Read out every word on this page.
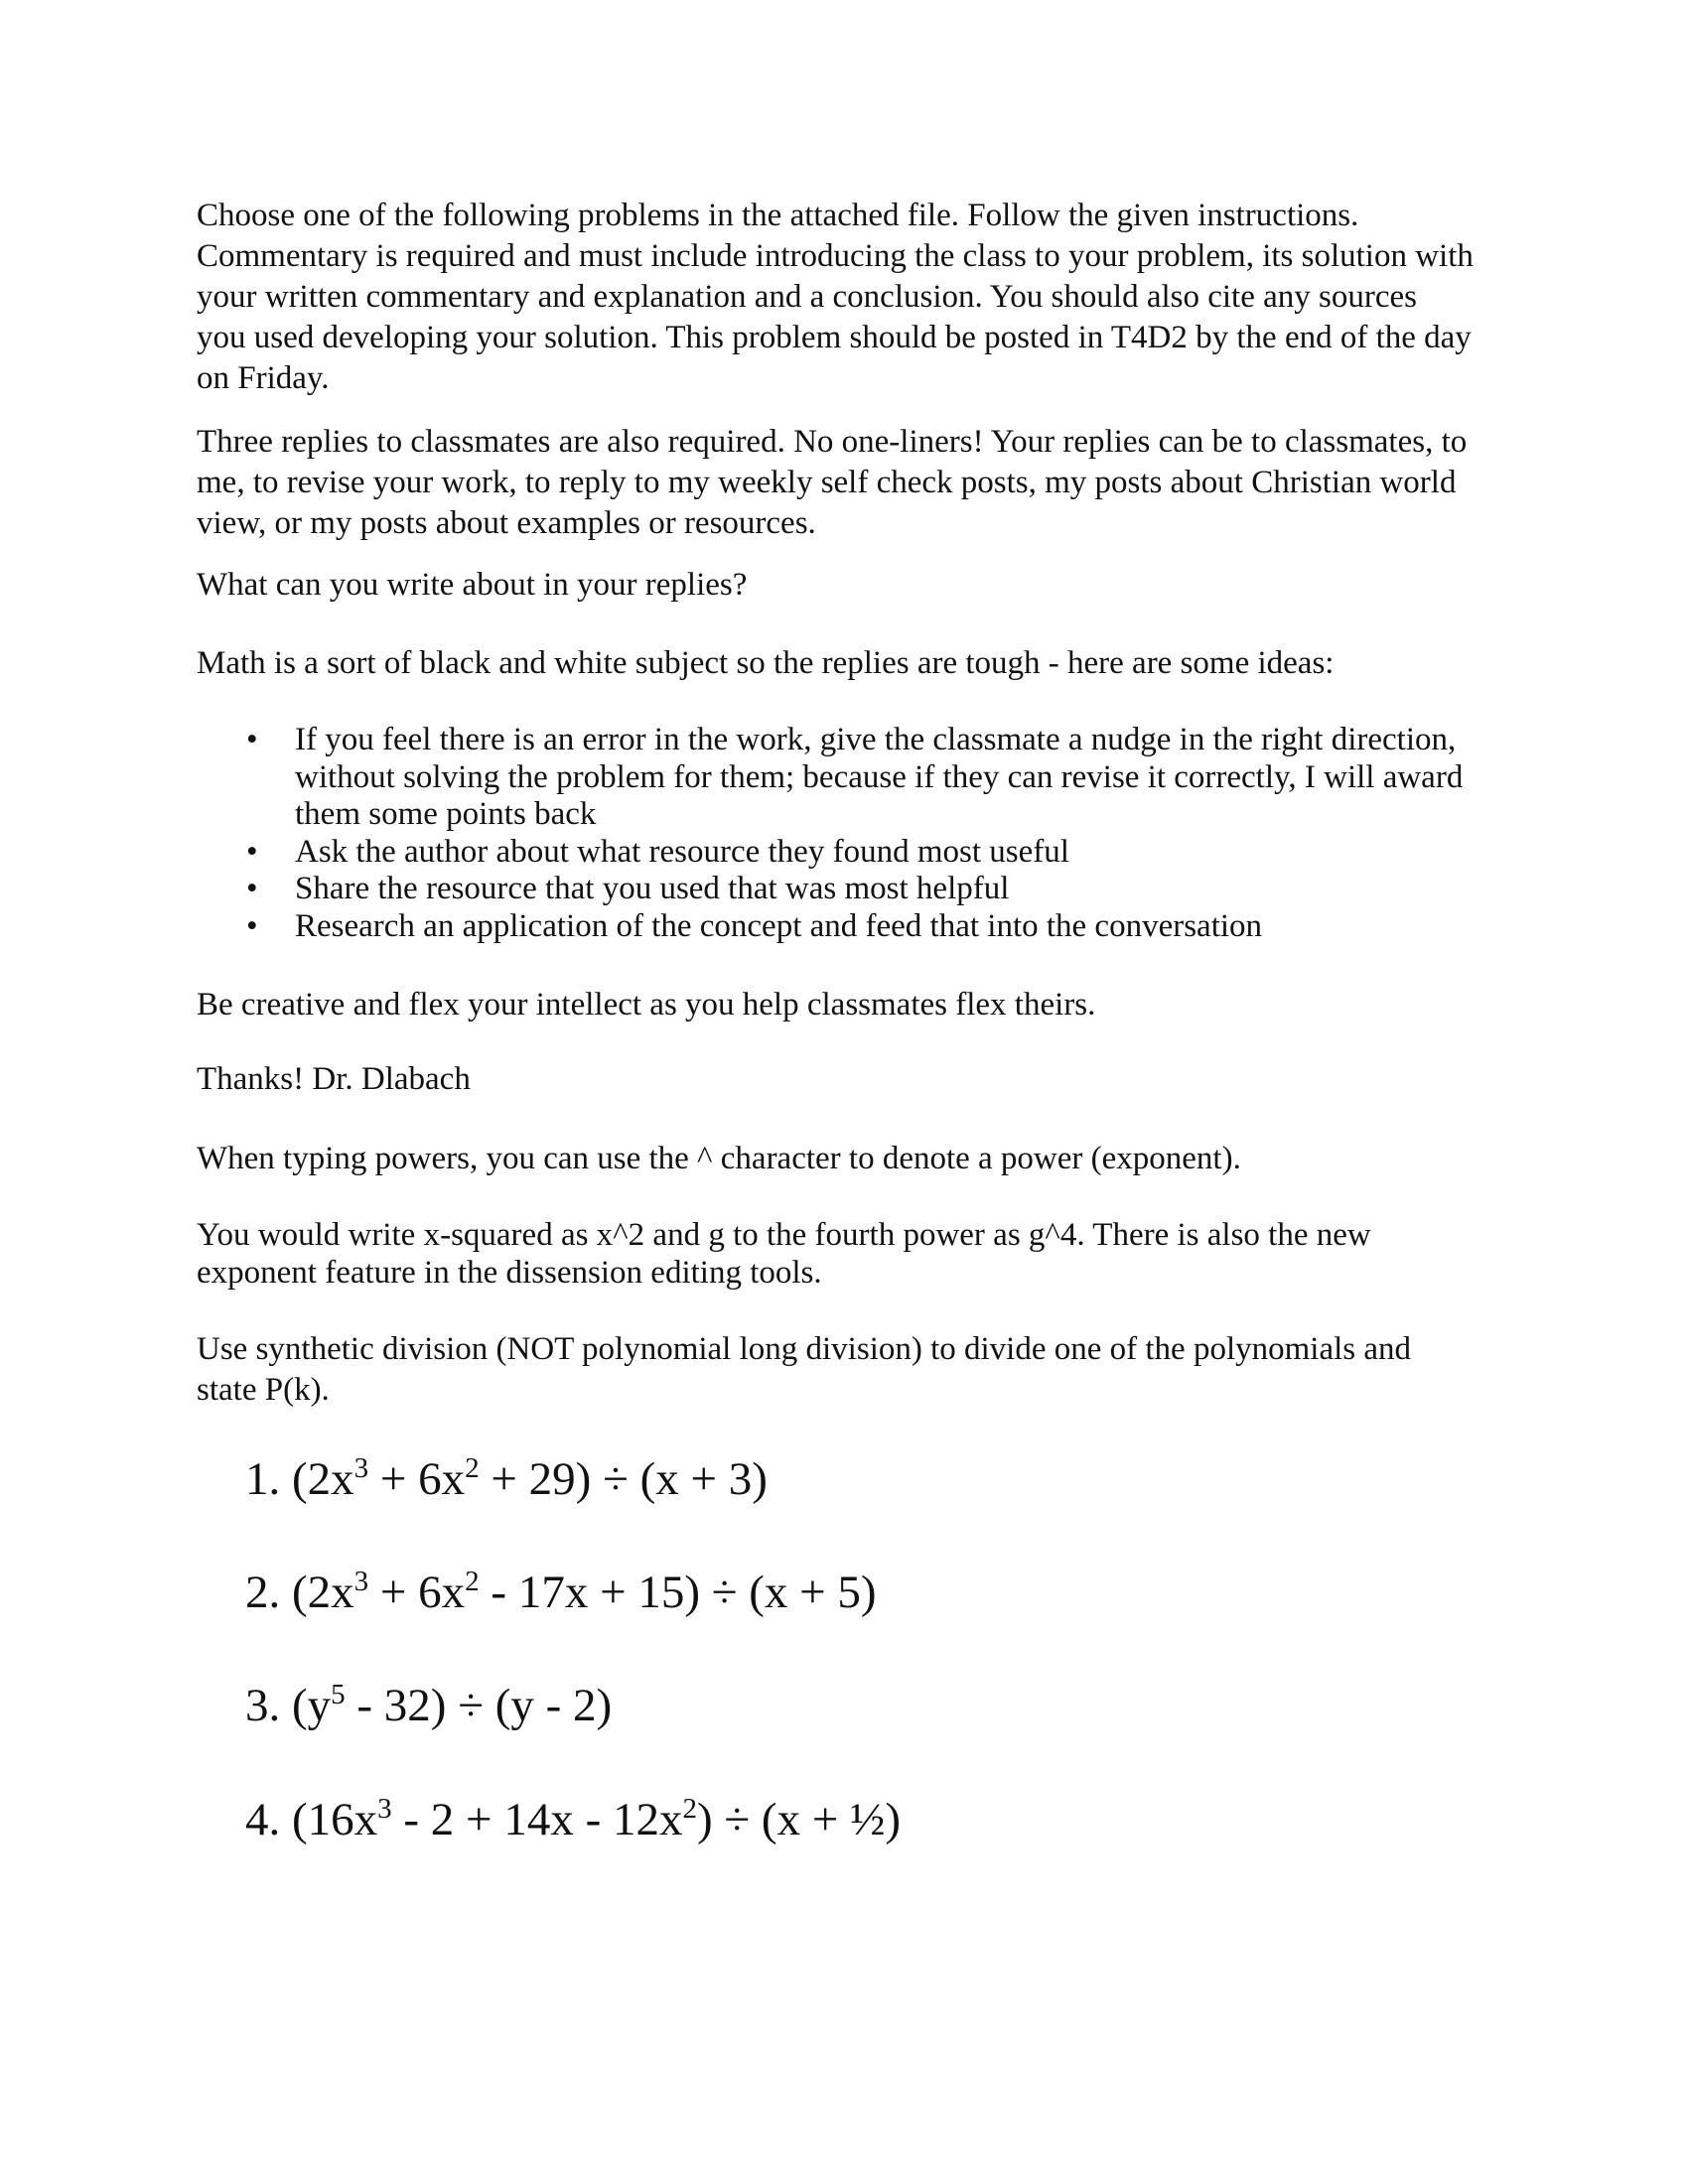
Choose one of the following problems in the attached file. Follow the given instructions.
Commentary is required and must include introducing the class to your problem, its solution with
your written commentary and explanation and a conclusion. You should also cite any sources
you used developing your solution. This problem should be posted in T4D2 by the end of the day
on Friday.
Three replies to classmates are also required. No one-liners! Your replies can be to classmates, to
me, to revise your work, to reply to my weekly self check posts, my posts about Christian world
view, or my posts about examples or resources.
What can you write about in your replies?
Math is a sort of black and white subject so the replies are tough - here are some ideas:
• If you feel there is an error in the work, give the classmate a nudge in the right direction,
without solving the problem for them; because if they can revise it correctly, I will award
them some points back
• Ask the author about what resource they found most useful
• Share the resource that you used that was most helpful
• Research an application of the concept and feed that into the conversation
Be creative and flex your intellect as you help classmates flex theirs.
Thanks! Dr. Dlabach
When typing powers, you can use the ^ character to denote a power (exponent).
You would write x-squared as x^2 and g to the fourth power as g^4. There is also the new
exponent feature in the dissension editing tools.
Use synthetic division (NOT polynomial long division) to divide one of the polynomials and
state P(k).
1. $(2x^3 + 6x^2 + 29) \div (x + 3)$
2. $(2x^3 + 6x^2 - 17x + 15) \div (x + 5)$
3. $(y^5 - 32) \div (y - 2)$
4. $(16x^3 - 2 + 14x - 12x^2) \div (x$ + ½)
